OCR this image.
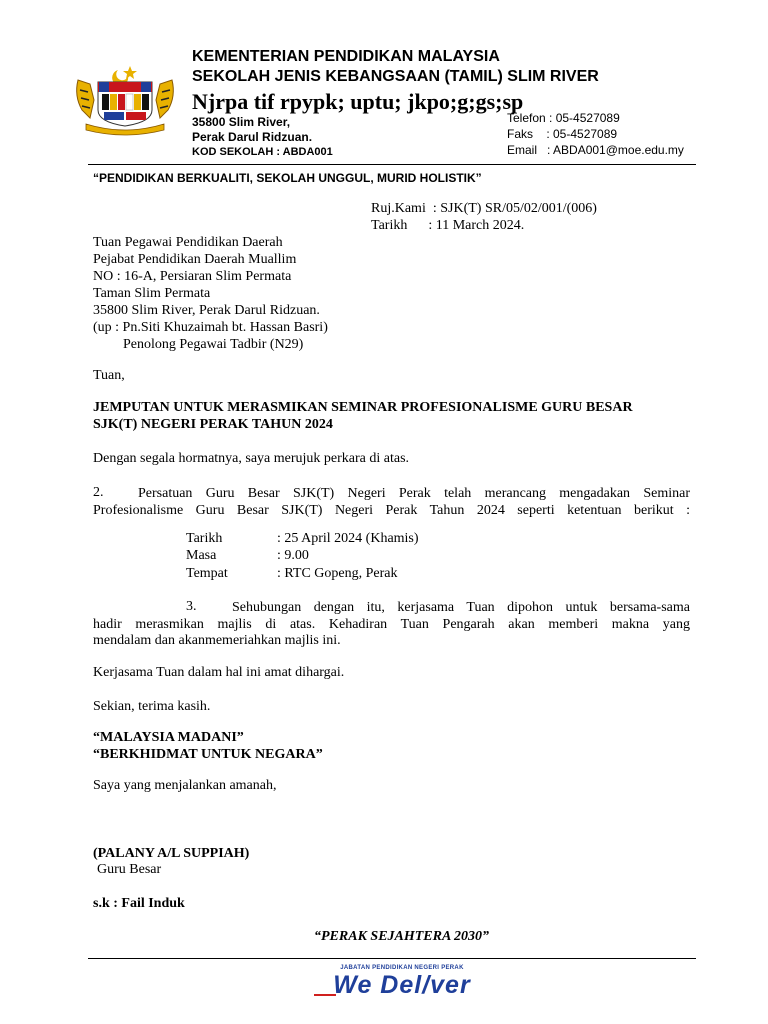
KEMENTERIAN PENDIDIKAN MALAYSIA
SEKOLAH JENIS KEBANGSAAN (TAMIL) SLIM RIVER
Njrpa tif rpypk; uptu; jkpo;g;gs;sp
35800 Slim River,
Perak Darul Ridzuan.
KOD SEKOLAH : ABDA001
Telefon : 05-4527089
Faks    : 05-4527089
Email   : ABDA001@moe.edu.my
“PENDIDIKAN BERKUALITI, SEKOLAH UNGGUL, MURID HOLISTIK”
Ruj.Kami  : SJK(T) SR/05/02/001/(006)
Tarikh      : 11 March 2024.
Tuan Pegawai Pendidikan Daerah
Pejabat Pendidikan Daerah Muallim
NO : 16-A, Persiaran Slim Permata
Taman Slim Permata
35800 Slim River, Perak Darul Ridzuan.
(up : Pn.Siti Khuzaimah bt. Hassan Basri)
Penolong Pegawai Tadbir (N29)
Tuan,
JEMPUTAN UNTUK MERASMIKAN SEMINAR PROFESIONALISME GURU BESAR
SJK(T) NEGERI PERAK TAHUN 2024
Dengan segala hormatnya, saya merujuk perkara di atas.
2. Persatuan Guru Besar SJK(T) Negeri Perak telah merancang mengadakan Seminar
Profesionalisme Guru Besar SJK(T) Negeri Perak Tahun 2024 seperti ketentuan berikut :
Tarikh	: 25 April 2024 (Khamis)
Masa	: 9.00
Tempat	: RTC Gopeng, Perak
3.	Sehubungan dengan itu, kerjasama Tuan dipohon untuk bersama-sama
hadir merasmikan majlis di atas. Kehadiran Tuan Pengarah akan memberi makna yang
mendalam dan akanmemeriahkan majlis ini.
Kerjasama Tuan dalam hal ini amat dihargai.
Sekian, terima kasih.
“MALAYSIA MADANI”
“BERKHIDMAT UNTUK NEGARA”
Saya yang menjalankan amanah,
(PALANY A/L SUPPIAH)
Guru Besar
s.k : Fail Induk
“PERAK SEJAHTERA 2030”
JABATAN PENDIDIKAN NEGERI PERAK
We Del/ver
